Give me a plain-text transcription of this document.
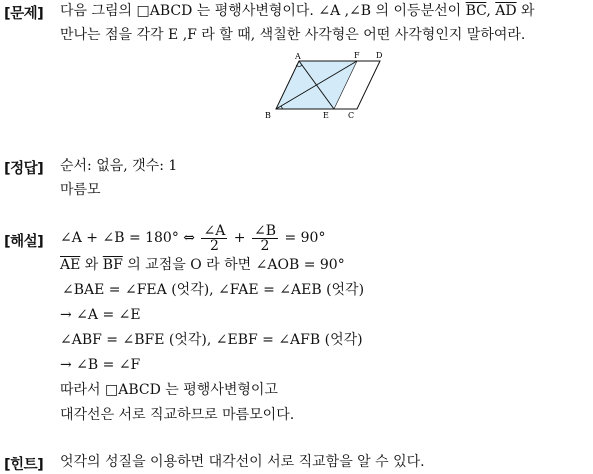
[문제] 다음 그림의 □ABCD 는 평행사변형이다. ∠A ,∠B 의 이등분선이 $\overline{BC}$, $\overline{AD}$ 와
만나는 점을 각각 E ,F 라 할 때, 색칠한 사각형은 어떤 사각형인지 말하여라.
A	D
F
B	E C
[정답] 순서: 없음, 갯수: 1
마름모
[해설] ∠A + ∠B = 180° ⇔ $\frac{\angle A}{2} + \frac{\angle B}{2} = 90^\circ$
$\overline{AE}$ 와 $\overline{BF}$ 의 교점을 O 라 하면 ∠AOB = 90°
∠BAE = ∠FEA (엇각), ∠FAE = ∠AEB (엇각)
→ ∠A = ∠E
∠ABF = ∠BFE (엇각), ∠EBF = ∠AFB (엇각)
→ ∠B = ∠F
따라서 □ABCD 는 평행사변형이고
대각선은 서로 직교하므로 마름모이다.
[힌트] 엇각의 성질을 이용하면 대각선이 서로 직교함을 알 수 있다.
